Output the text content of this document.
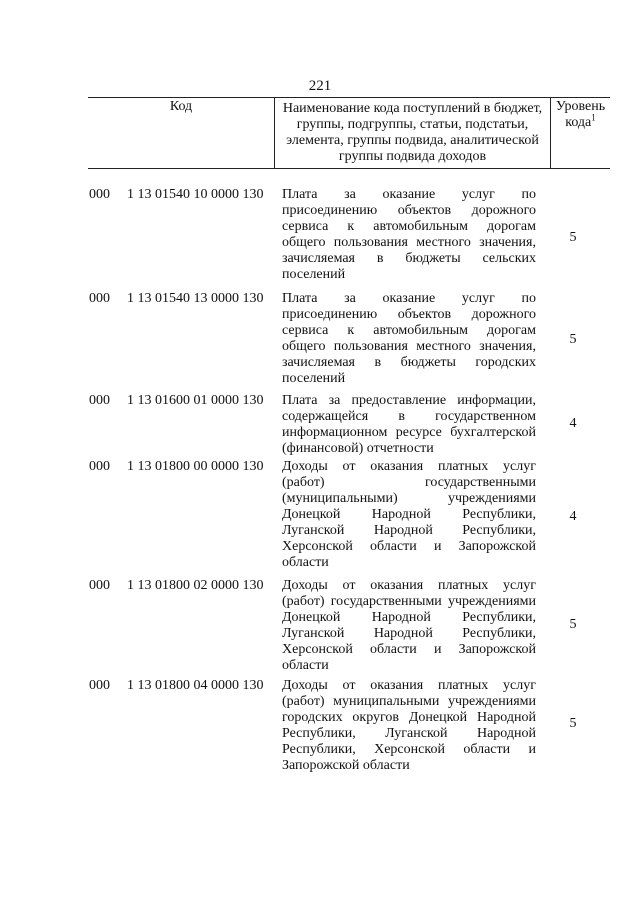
221
Код	Наименование кода поступлений в бюджет, группы, подгруппы, статьи, подстатьи, элемента, группы подвида, аналитической группы подвида доходов
Уровень кода$^1$
000 1 13 01540 10 0000 130 Плата за оказание услуг по присоединению объектов дорожного сервиса к автомобильным дорогам общего пользования местного значения, зачисляемая в бюджеты сельских поселений
5
000 1 13 01540 13 0000 130 Плата за оказание услуг по присоединению объектов дорожного сервиса к автомобильным дорогам общего пользования местного значения, зачисляемая в бюджеты городских поселений
5
000 1 13 01600 01 0000 130 Плата за предоставление информации, содержащейся в государственном информационном ресурсе бухгалтерской (финансовой) отчетности
4
000 1 13 01800 00 0000 130 Доходы от оказания платных услуг (работ) государственными (муниципальными) учреждениями Донецкой Народной Республики, Луганской Народной Республики, Херсонской области и Запорожской области
4
000 1 13 01800 02 0000 130 Доходы от оказания платных услуг (работ) государственными учреждениями Донецкой Народной Республики, Луганской Народной Республики, Херсонской области и Запорожской области
5
000 1 13 01800 04 0000 130 Доходы от оказания платных услуг (работ) муниципальными учреждениями городских округов Донецкой Народной Республики, Луганской Народной Республики, Херсонской области и Запорожской области
5
